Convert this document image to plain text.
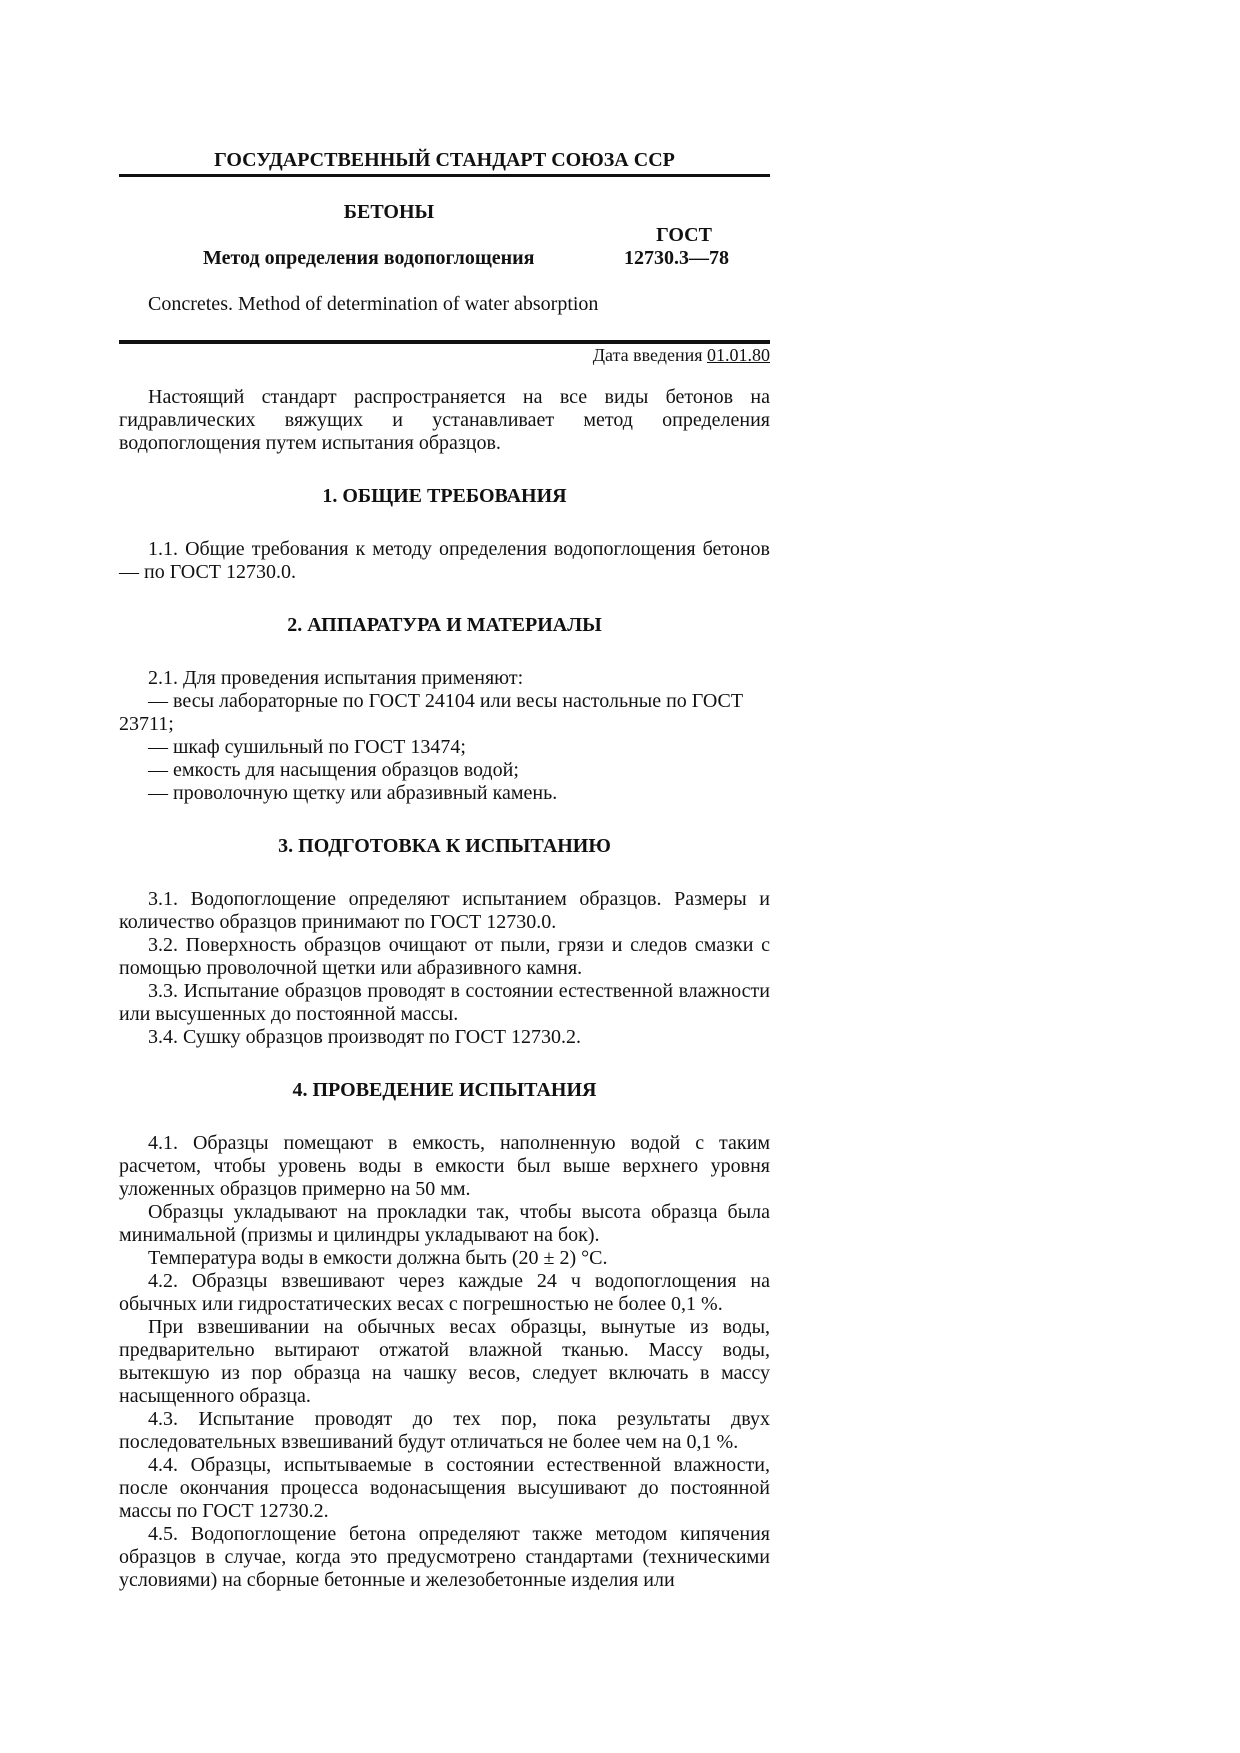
ГОСУДАРСТВЕННЫЙ СТАНДАРТ СОЮЗА ССР
БЕТОНЫ
ГОСТ
Метод определения водопоглощения	12730.3—78
Concretes. Method of determination of water absorption
Дата введения 01.01.80

Настоящий стандарт распространяется на все виды бетонов на гидравлических вяжущих и устанавливает метод определения водопоглощения путем испытания образцов.

1. ОБЩИЕ ТРЕБОВАНИЯ

1.1. Общие требования к методу определения водопоглощения бетонов — по ГОСТ 12730.0.

2. АППАРАТУРА И МАТЕРИАЛЫ

2.1. Для проведения испытания применяют:

— весы лабораторные по ГОСТ 24104 или весы настольные по ГОСТ 23711;

— шкаф сушильный по ГОСТ 13474;

— емкость для насыщения образцов водой;

— проволочную щетку или абразивный камень.

3. ПОДГОТОВКА К ИСПЫТАНИЮ

3.1. Водопоглощение определяют испытанием образцов. Размеры и количество образцов принимают по ГОСТ 12730.0.

3.2. Поверхность образцов очищают от пыли, грязи и следов смазки с помощью проволочной щетки или абразивного камня.

3.3. Испытание образцов проводят в состоянии естественной влажности или высушенных до постоянной массы.

3.4. Сушку образцов производят по ГОСТ 12730.2.

4. ПРОВЕДЕНИЕ ИСПЫТАНИЯ

4.1. Образцы помещают в емкость, наполненную водой с таким расчетом, чтобы уровень воды в емкости был выше верхнего уровня уложенных образцов примерно на 50 мм.

Образцы укладывают на прокладки так, чтобы высота образца была минимальной (призмы и цилиндры укладывают на бок).

Температура воды в емкости должна быть (20 ± 2) °С.

4.2. Образцы взвешивают через каждые 24 ч водопоглощения на обычных или гидростатических весах с погрешностью не более 0,1 %.

При взвешивании на обычных весах образцы, вынутые из воды, предварительно вытирают отжатой влажной тканью. Массу воды, вытекшую из пор образца на чашку весов, следует включать в массу насыщенного образца.

4.3. Испытание проводят до тех пор, пока результаты двух последовательных взвешиваний будут отличаться не более чем на 0,1 %.

4.4. Образцы, испытываемые в состоянии естественной влажности, после окончания процесса водонасыщения высушивают до постоянной массы по ГОСТ 12730.2.

4.5. Водопоглощение бетона определяют также методом кипячения образцов в случае, когда это предусмотрено стандартами (техническими условиями) на сборные бетонные и железобетонные изделия или
